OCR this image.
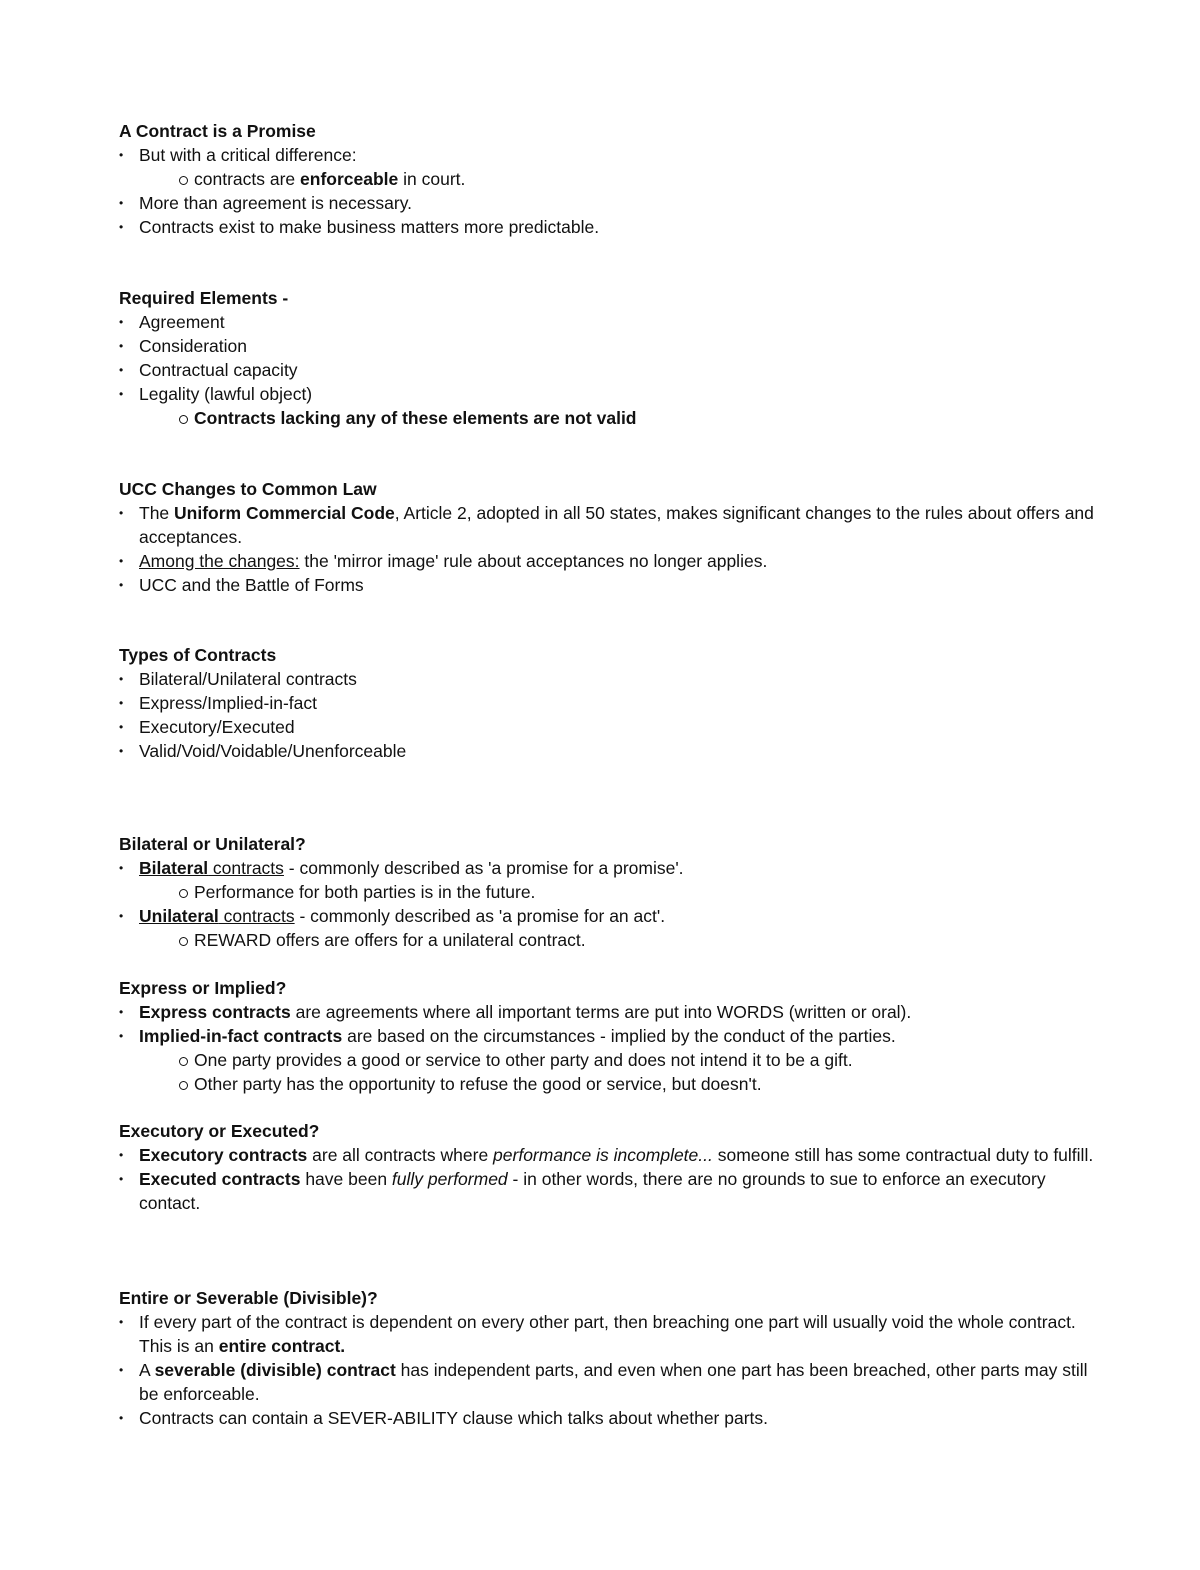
A Contract is a Promise

• But with a critical difference:
contracts are enforceable in court.
• More than agreement is necessary.
• Contracts exist to make business matters more predictable.

Required Elements -

• Agreement
• Consideration
• Contractual capacity
• Legality (lawful object)
Contracts lacking any of these elements are not valid

UCC Changes to Common Law

• The Uniform Commercial Code, Article 2, adopted in all 50 states, makes significant changes to the rules about offers and acceptances.
• Among the changes: the 'mirror image' rule about acceptances no longer applies.
• UCC and the Battle of Forms

Types of Contracts

• Bilateral/Unilateral contracts
• Express/Implied-in-fact
• Executory/Executed
• Valid/Void/Voidable/Unenforceable

Bilateral or Unilateral?

• Bilateral contracts - commonly described as 'a promise for a promise'.
Performance for both parties is in the future.
• Unilateral contracts - commonly described as 'a promise for an act'.
REWARD offers are offers for a unilateral contract.

Express or Implied?

• Express contracts are agreements where all important terms are put into WORDS (written or oral).
• Implied-in-fact contracts are based on the circumstances - implied by the conduct of the parties.
One party provides a good or service to other party and does not intend it to be a gift.
Other party has the opportunity to refuse the good or service, but doesn't.

Executory or Executed?

• Executory contracts are all contracts where performance is incomplete... someone still has some contractual duty to fulfill.
• Executed contracts have been fully performed - in other words, there are no grounds to sue to enforce an executory contact.

Entire or Severable (Divisible)?

• If every part of the contract is dependent on every other part, then breaching one part will usually void the whole contract. This is an entire contract.
• A severable (divisible) contract has independent parts, and even when one part has been breached, other parts may still be enforceable.
• Contracts can contain a SEVER-ABILITY clause which talks about whether parts.
